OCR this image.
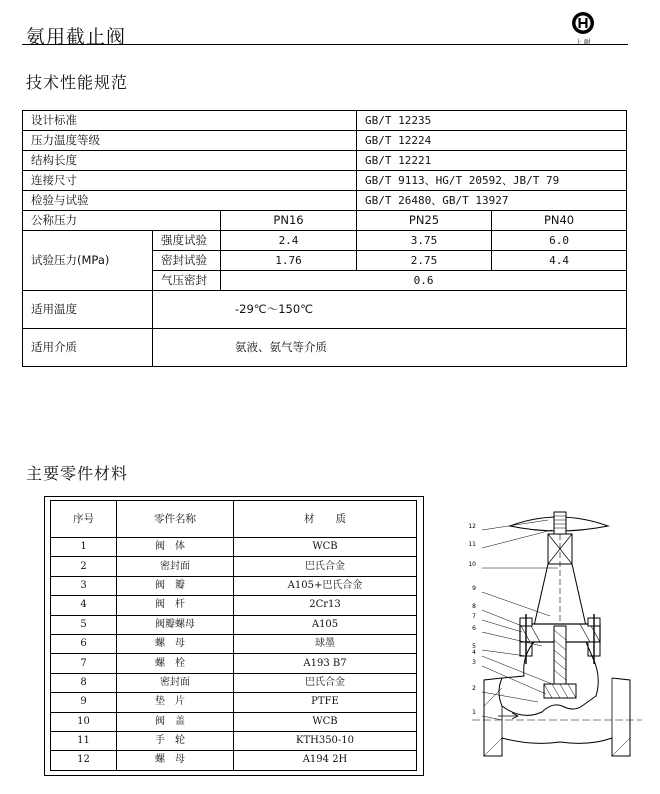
氨用截止阀	上 耐
技术性能规范
设计标准			GB/T 12235	
压力温度等级			GB/T 12224	
结构长度			GB/T 12221	
连接尺寸			GB/T 9113、HG/T 20592、JB/T 79	
检验与试验			GB/T 26480、GB/T 13927	
公称压力		PN16	PN25	PN40
试验压力(MPa)	强度试验	2.4	3.75	6.0
	密封试验	1.76	2.75	4.4
	气压密封	0.6		
适用温度	-29℃～150℃			
适用介质	氨液、氨气等介质			
主要零件材料
序号	零件名称	材　　质
1	阀体	WCB
2	密封面	巴氏合金
3	阀瓣	A105+巴氏合金
4	阀杆	2Cr13
5	阀瓣螺母	A105
6	螺母	球墨
7	螺栓	A193 B7
8	密封面	巴氏合金
9	垫片	PTFE
10	阀盖	WCB
11	手轮	KTH350-10
12	螺母	A194 2H
12
11
10
9
8
7
6
5
4
3
2
1
